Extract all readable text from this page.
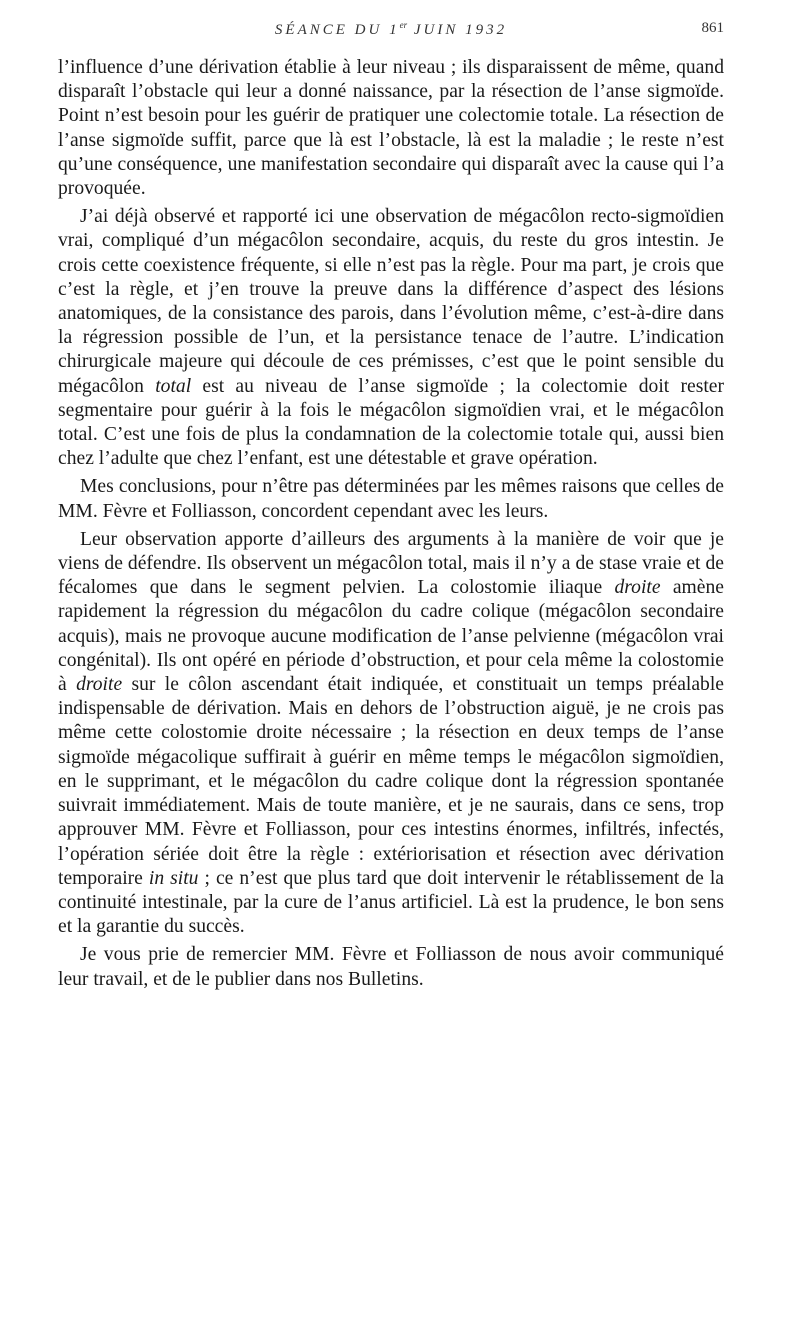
SÉANCE DU 1er JUIN 1932	861

l’influence d’une dérivation établie à leur niveau ; ils disparaissent de même, quand disparaît l’obstacle qui leur a donné naissance, par la résection de l’anse sigmoïde. Point n’est besoin pour les guérir de pratiquer une colectomie totale. La résection de l’anse sigmoïde suffit, parce que là est l’obstacle, là est la maladie ; le reste n’est qu’une conséquence, une manifestation secondaire qui disparaît avec la cause qui l’a provoquée.

J’ai déjà observé et rapporté ici une observation de mégacôlon recto-sigmoïdien vrai, compliqué d’un mégacôlon secondaire, acquis, du reste du gros intestin. Je crois cette coexistence fréquente, si elle n’est pas la règle. Pour ma part, je crois que c’est la règle, et j’en trouve la preuve dans la différence d’aspect des lésions anatomiques, de la consistance des parois, dans l’évolution même, c’est-à-dire dans la régression possible de l’un, et la persistance tenace de l’autre. L’indication chirurgicale majeure qui découle de ces prémisses, c’est que le point sensible du mégacôlon total est au niveau de l’anse sigmoïde ; la colectomie doit rester segmentaire pour guérir à la fois le mégacôlon sigmoïdien vrai, et le mégacôlon total. C’est une fois de plus la condamnation de la colectomie totale qui, aussi bien chez l’adulte que chez l’enfant, est une détestable et grave opération.

Mes conclusions, pour n’être pas déterminées par les mêmes raisons que celles de MM. Fèvre et Folliasson, concordent cependant avec les leurs.

Leur observation apporte d’ailleurs des arguments à la manière de voir que je viens de défendre. Ils observent un mégacôlon total, mais il n’y a de stase vraie et de fécalomes que dans le segment pelvien. La colostomie iliaque droite amène rapidement la régression du mégacôlon du cadre colique (mégacôlon secondaire acquis), mais ne provoque aucune modification de l’anse pelvienne (mégacôlon vrai congénital). Ils ont opéré en période d’obstruction, et pour cela même la colostomie à droite sur le côlon ascendant était indiquée, et constituait un temps préalable indispensable de dérivation. Mais en dehors de l’obstruction aiguë, je ne crois pas même cette colostomie droite nécessaire ; la résection en deux temps de l’anse sigmoïde mégacolique suffirait à guérir en même temps le mégacôlon sigmoïdien, en le supprimant, et le mégacôlon du cadre colique dont la régression spontanée suivrait immédiatement. Mais de toute manière, et je ne saurais, dans ce sens, trop approuver MM. Fèvre et Folliasson, pour ces intestins énormes, infiltrés, infectés, l’opération sériée doit être la règle : extériorisation et résection avec dérivation temporaire in situ ; ce n’est que plus tard que doit intervenir le rétablissement de la continuité intestinale, par la cure de l’anus artificiel. Là est la prudence, le bon sens et la garantie du succès.

Je vous prie de remercier MM. Fèvre et Folliasson de nous avoir communiqué leur travail, et de le publier dans nos Bulletins.
